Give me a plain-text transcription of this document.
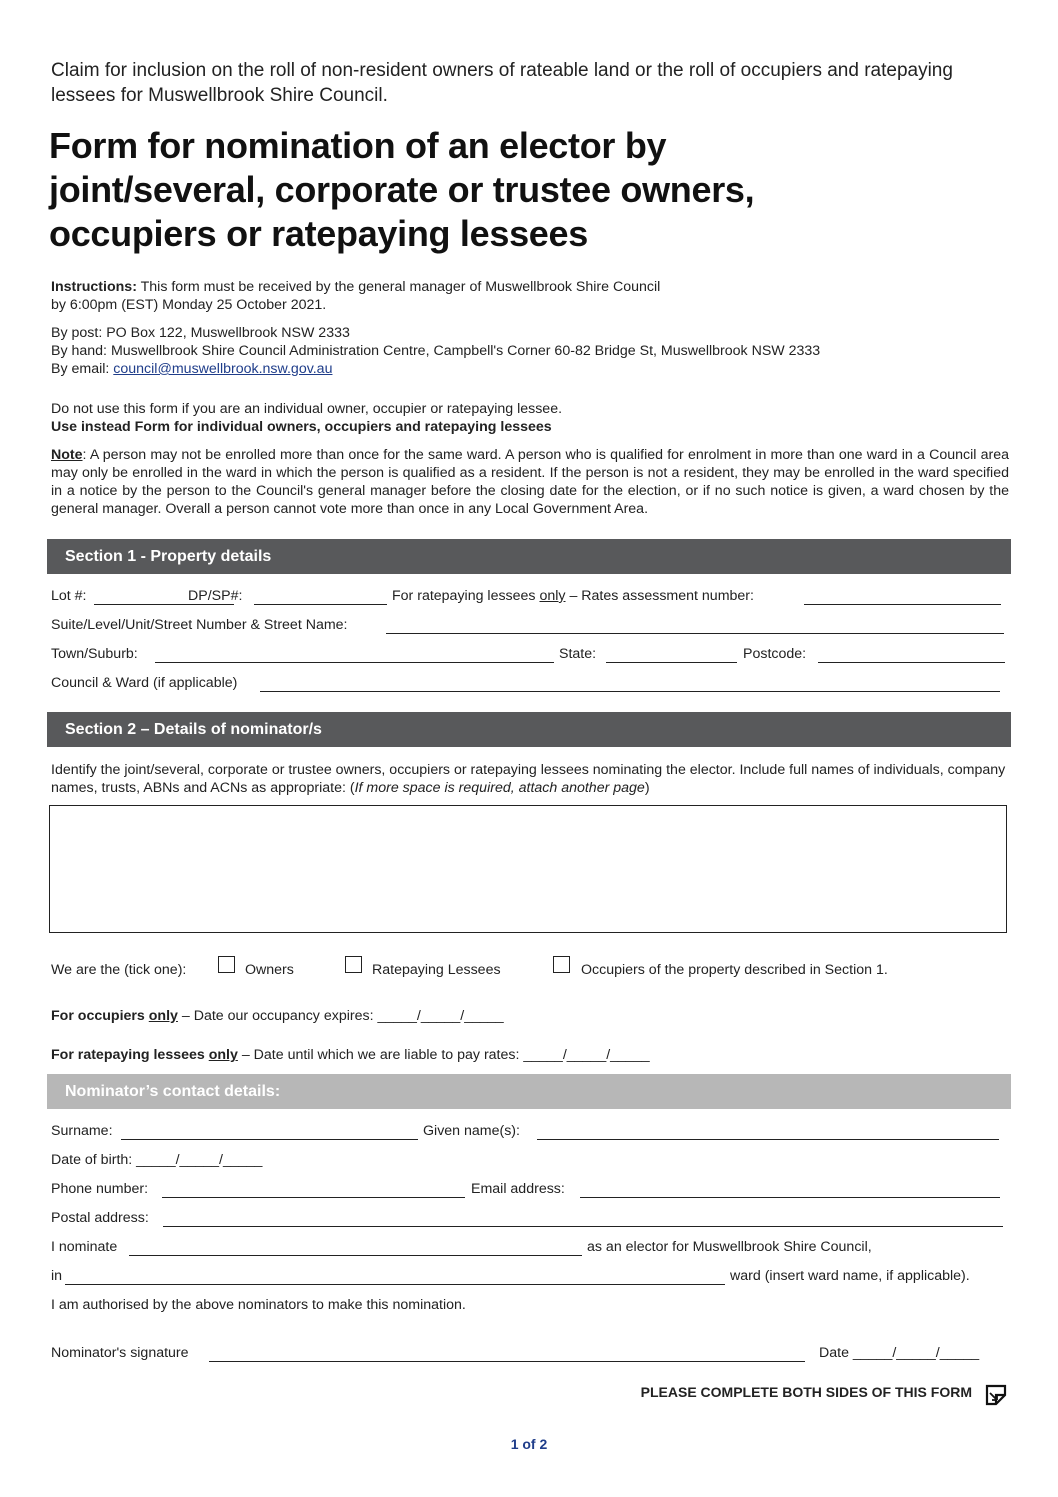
Claim for inclusion on the roll of non-resident owners of rateable land or the roll of occupiers and ratepaying lessees for Muswellbrook Shire Council.
Form for nomination of an elector by
joint/several, corporate or trustee owners,
occupiers or ratepaying lessees
Instructions: This form must be received by the general manager of Muswellbrook Shire Council
by 6:00pm (EST) Monday 25 October 2021.
By post: PO Box 122, Muswellbrook NSW 2333
By hand: Muswellbrook Shire Council Administration Centre, Campbell's Corner 60-82 Bridge St, Muswellbrook NSW 2333
By email: council@muswellbrook.nsw.gov.au
Do not use this form if you are an individual owner, occupier or ratepaying lessee.
Use instead Form for individual owners, occupiers and ratepaying lessees
Note: A person may not be enrolled more than once for the same ward. A person who is qualified for enrolment in more than one ward in a Council area may only be enrolled in the ward in which the person is qualified as a resident. If the person is not a resident, they may be enrolled in the ward specified in a notice by the person to the Council's general manager before the closing date for the election, or if no such notice is given, a ward chosen by the general manager. Overall a person cannot vote more than once in any Local Government Area.
Section 1 ‐ Property details
Lot #:	DP/SP#:	For ratepaying lessees only – Rates assessment number:
Suite/Level/Unit/Street Number & Street Name:
Town/Suburb:	State:	Postcode:
Council & Ward (if applicable)
Section 2 – Details of nominator/s
Identify the joint/several, corporate or trustee owners, occupiers or ratepaying lessees nominating the elector. Include full names of individuals, company names, trusts, ABNs and ACNs as appropriate: (If more space is required, attach another page)
We are the (tick one):	Owners	Ratepaying Lessees	Occupiers of the property described in Section 1.
For occupiers only – Date our occupancy expires: _____/_____/_____
For ratepaying lessees only – Date until which we are liable to pay rates: _____/_____/_____
Nominator’s contact details:
Surname:	Given name(s):
Date of birth: _____/_____/_____
Phone number:	Email address:
Postal address:
I nominate	as an elector for Muswellbrook Shire Council,
in	ward (insert ward name, if applicable).
I am authorised by the above nominators to make this nomination.
Nominator's signature	Date _____/_____/_____
PLEASE COMPLETE BOTH SIDES OF THIS FORM
1 of 2
